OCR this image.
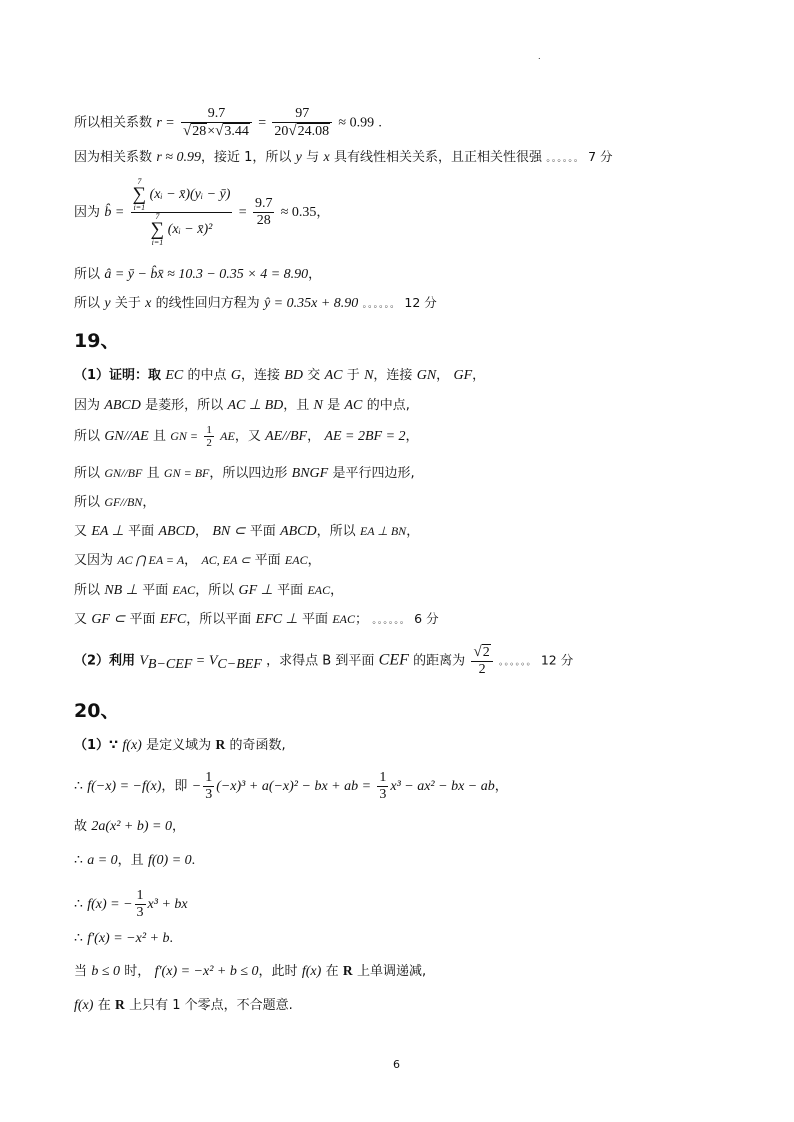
.
所以相关系数 $r = \frac{9.7}{√28\times√3.44} = \frac{97}{20√24.08} \approx 0.99$ .
因为相关系数 r ≈ 0.99，接近 1，所以 y 与 x 具有线性相关关系，且正相关性很强 。。。。。。 7 分
因为 b̂ = 7
∑
i=1 (xᵢ − x̄)(yᵢ − ȳ)
7
∑
i=1 (xᵢ − x̄)² = $\frac{9.7}{28} \approx 0.35$，
所以 â = ȳ − b̂x̄ ≈ 10.3 − 0.35 × 4 = 8.90，
所以 y 关于 x 的线性回归方程为 ŷ = 0.35x + 8.90 。。。。。。 12 分
19、
（1）证明：取 EC 的中点 G，连接 BD 交 AC 于 N，连接 GN， GF，
因为 ABCD 是菱形，所以 AC ⊥ BD，且 N 是 AC 的中点,
所以 GN//AE 且 GN = $\frac{1}{2}$ AE，又 AE//BF， AE = 2BF = 2，
所以 GN//BF 且 GN = BF，所以四边形 BNGF 是平行四边形,
所以 GF//BN，
又 EA ⊥ 平面 ABCD， BN ⊂ 平面 ABCD，所以 EA ⊥ BN，
又因为 AC ⋂ EA = A， AC, EA ⊂ 平面 EAC，
所以 NB ⊥ 平面 EAC，所以 GF ⊥ 平面 EAC，
又 GF ⊂ 平面 EFC，所以平面 EFC ⊥ 平面 EAC； 。。。。。。 6 分
（2）利用 $V_{B-CEF} = V_{C-BEF}$ ，求得点 B 到平面 CEF 的距离为 $\frac{√2}{2}$ 。。。。。。 12 分
20、
（1）∵ f(x) 是定义域为 R 的奇函数,
∴ f(−x) = −f(x)，即 − $\frac{1}{3} (-x)^3 + a(-x)^2$ − bx + ab = $\frac{1}{3} x^3 - ax^2$ − bx − ab，
故 2a(x² + b) = 0，
∴ a = 0，且 f(0) = 0.
∴ f(x) = − $\frac{1}{3} x^3$ + bx
∴ f′(x) = −x² + b.
当 b ≤ 0 时， f′(x) = −x² + b ≤ 0，此时 f(x) 在 R 上单调递减,
f(x) 在 R 上只有 1 个零点，不合题意.
6
